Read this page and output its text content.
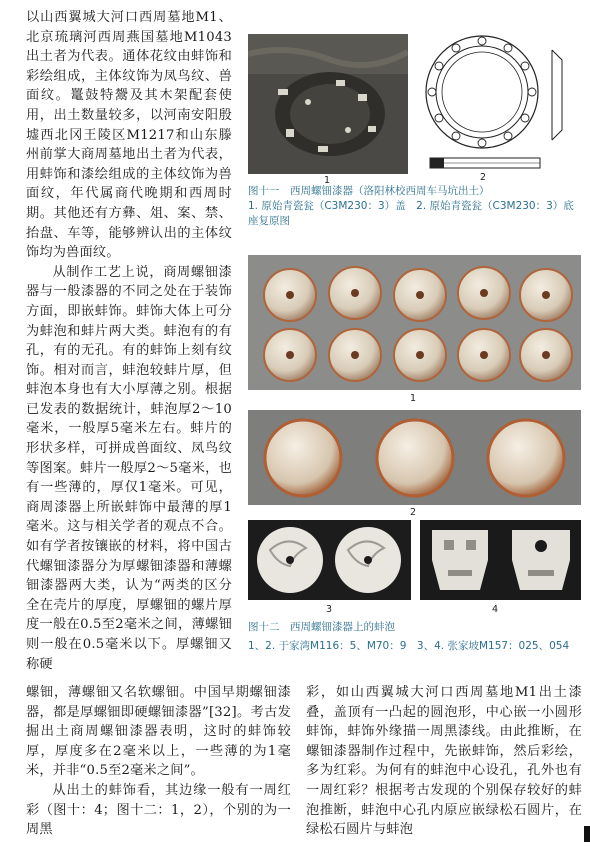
以山西翼城大河口西周墓地M1、北京琉璃河西周燕国墓地M1043出土者为代表。通体花纹由蚌饰和彩绘组成，主体纹饰为凤鸟纹、兽面纹。鼍鼓特鬶及其木架配套使用，出土数量较多，以河南安阳殷墟西北冈王陵区M1217和山东滕州前掌大商周墓地出土者为代表，用蚌饰和漆绘组成的主体纹饰为兽面纹，年代属商代晚期和西周时期。其他还有方彝、俎、案、禁、抬盘、车等，能够辨认出的主体纹饰均为兽面纹。

从制作工艺上说，商周螺钿漆器与一般漆器的不同之处在于装饰方面，即嵌蚌饰。蚌饰大体上可分为蚌泡和蚌片两大类。蚌泡有的有孔，有的无孔。有的蚌饰上刻有纹饰。相对而言，蚌泡较蚌片厚，但蚌泡本身也有大小厚薄之别。根据已发表的数据统计，蚌泡厚2～10毫米，一般厚5毫米左右。蚌片的形状多样，可拼成兽面纹、凤鸟纹等图案。蚌片一般厚2～5毫米，也有一些薄的，厚仅1毫米。可见，商周漆器上所嵌蚌饰中最薄的厚1毫米。这与相关学者的观点不合。如有学者按镶嵌的材料，将中国古代螺钿漆器分为厚螺钿漆器和薄螺钿漆器两大类，认为“两类的区分全在壳片的厚度，厚螺钿的螺片厚度一般在0.5至2毫米之间，薄螺钿则一般在0.5毫米以下。厚螺钿又称硬

1	2
图十一　西周螺钿漆器（洛阳林校西周车马坑出土）
1. 原始青瓷瓮（C3M230：3）盖　2. 原始青瓷瓮（C3M230：3）底座复原图
1
2
3	4
图十二　西周螺钿漆器上的蚌泡
1、2. 于家湾M116：5、M70：9　3、4. 张家坡M157：025、054

螺钿，薄螺钿又名软螺钿。中国早期螺钿漆器，都是厚螺钿即硬螺钿漆器”[32]。考古发掘出土商周螺钿漆器表明，这时的蚌饰较厚，厚度多在2毫米以上，一些薄的为1毫米，并非“0.5至2毫米之间”。

从出土的蚌饰看，其边缘一般有一周红彩（图十：4；图十二：1，2），个别的为一周黑

彩，如山西翼城大河口西周墓地M1出土漆叠，盖顶有一凸起的圆泡形，中心嵌一小圆形蚌饰，蚌饰外缘描一周黑漆线。由此推断，在螺钿漆器制作过程中，先嵌蚌饰，然后彩绘，多为红彩。为何有的蚌泡中心设孔，孔外也有一周红彩？根据考古发现的个别保存较好的蚌泡推断，蚌泡中心孔内原应嵌绿松石圆片，在绿松石圆片与蚌泡
